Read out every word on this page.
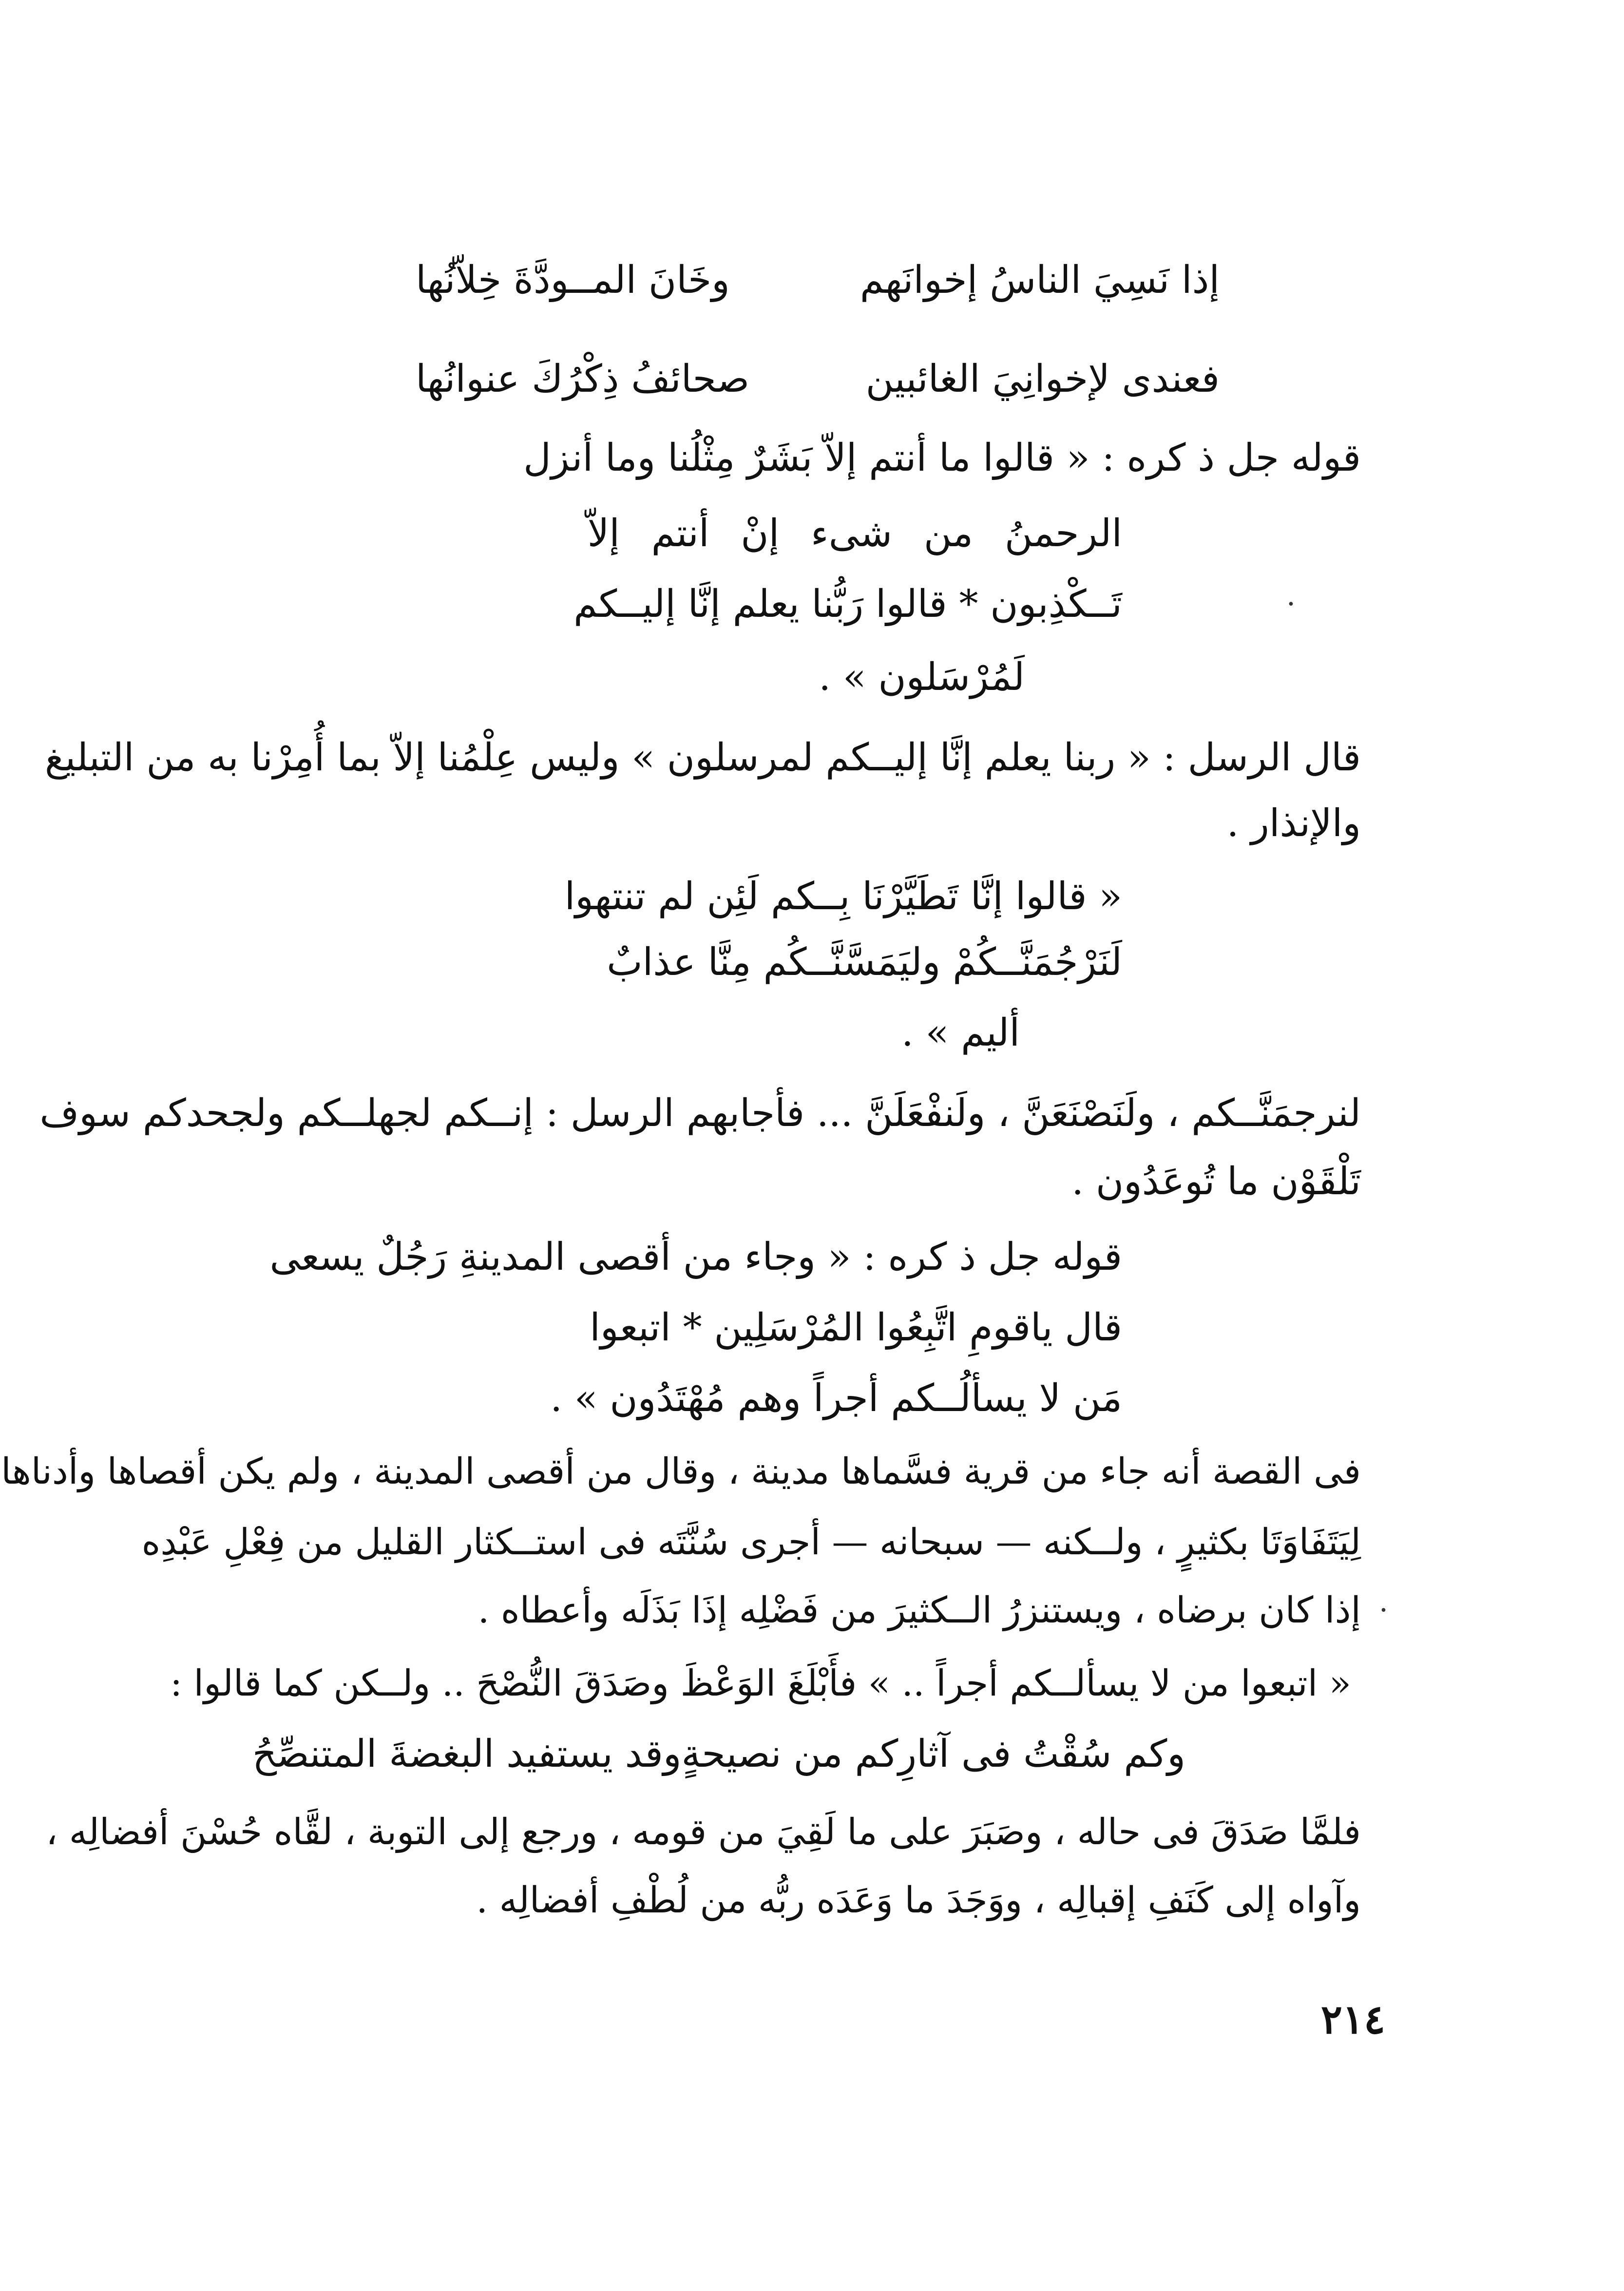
إذا نَسِيَ الناسُ إخوانَهم
وخَانَ المــودَّةَ خِلاّنُها
فعندى لإخوانِيَ الغائبين
صحائفُ ذِكْرُكَ عنوانُها
قوله جل ذ كره : « قالوا ما أنتم إلاّ بَشَرٌ مِثْلُنا وما أنزل
الرحمنُ من شىء إنْ أنتم إلاّ
تَــكْذِبون * قالوا رَبُّنا يعلم إنَّا إليــكم
لَمُرْسَلون » .
·
قال الرسل : « ربنا يعلم إنَّا إليــكم لمرسلون » وليس عِلْمُنا إلاّ بما أُمِرْنا به من التبليغ
والإنذار .
« قالوا إنَّا تَطَيَّرْنَا بِــكم لَئِن لم تنتهوا
لَنَرْجُمَنَّــكُمْ وليَمَسَّنَّــكُم مِنَّا عذابٌ
أليم » .
لنرجمَنَّــكم ، ولَنَصْنَعَنَّ ، ولَنفْعَلَنَّ ... فأجابهم الرسل : إنــكم لجهلــكم ولجحدكم سوف
تَلْقَوْن ما تُوعَدُون .
قوله جل ذ كره : « وجاء من أقصى المدينةِ رَجُلٌ يسعى
قال ياقومِ اتَّبِعُوا المُرْسَلِين * اتبعوا
مَن لا يسألُــكم أجراً وهم مُهْتَدُون » .
فى القصة أنه جاء من قرية فسَّماها مدينة ، وقال من أقصى المدينة ، ولم يكن أقصاها وأدناها
لِيَتَفَاوَتَا بكثيرٍ ، ولــكنه — سبحانه — أجرى سُنَّتَه فى استــكثار القليل من فِعْلِ عَبْدِه
إذا كان برضاه ، ويستنزرُ الــكثيرَ من فَضْلِه إذَا بَذَلَه وأعطاه . ·
« اتبعوا من لا يسألــكم أجراً .. » فأَبْلَغَ الوَعْظَ وصَدَقَ النُّصْحَ .. ولــكن كما قالوا :
وكم سُقْتُ فى آثارِكم من نصيحةٍ
وقد يستفيد البغضةَ المتنصِّحُ
فلمَّا صَدَقَ فى حاله ، وصَبَرَ على ما لَقِيَ من قومه ، ورجع إلى التوبة ، لقَّاه حُسْنَ أفضالِه ،
وآواه إلى كَنَفِ إقبالِه ، ووَجَدَ ما وَعَدَه ربُّه من لُطْفِ أفضالِه .
٢١٤
